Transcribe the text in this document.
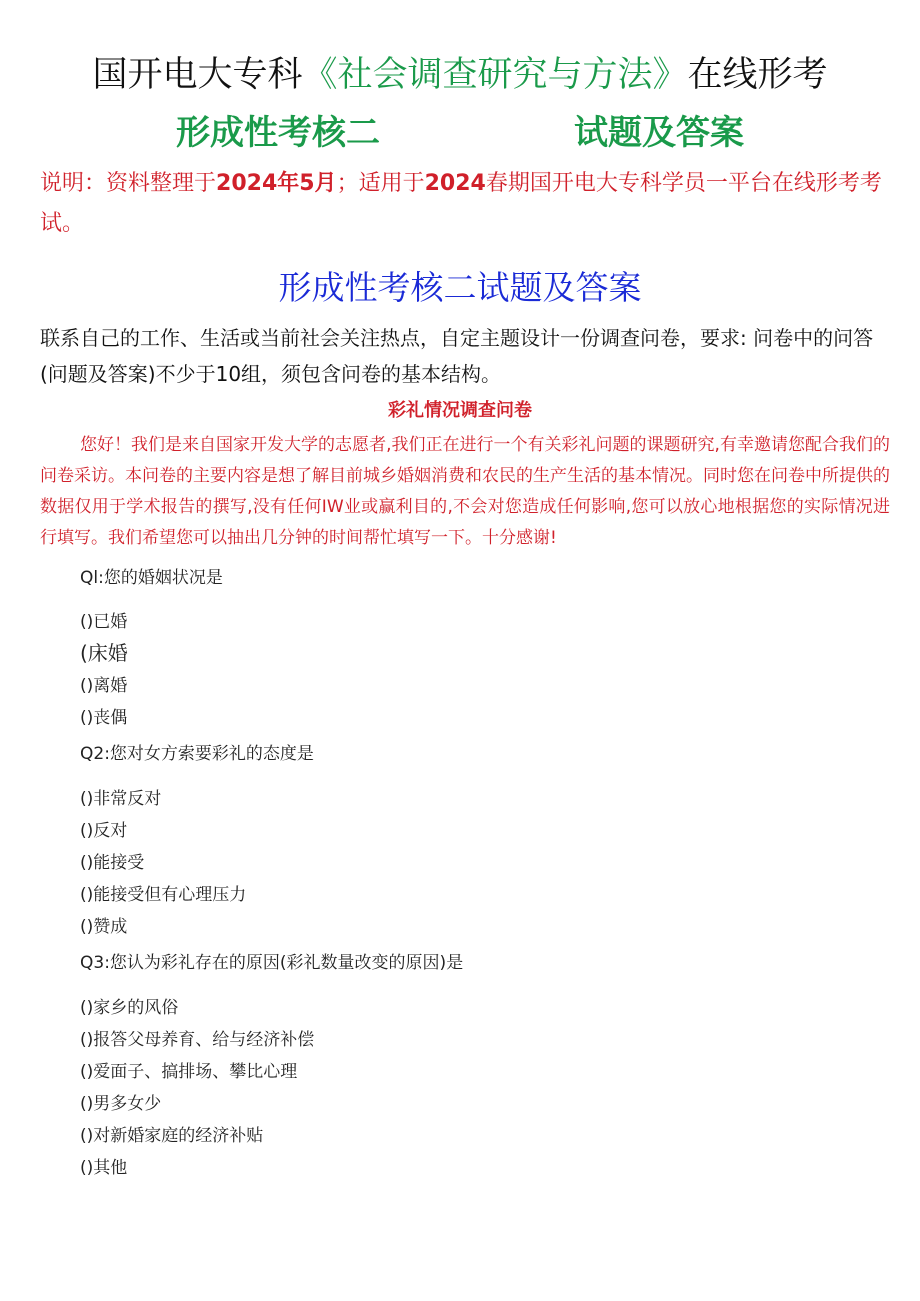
国开电大专科《社会调查研究与方法》在线形考
形成性考核二	试题及答案
说明：资料整理于2024年5月；适用于2024春期国开电大专科学员一平台在线形考考试。
形成性考核二试题及答案
联系自己的工作、生活或当前社会关注热点，自定主题设计一份调查问卷，要求: 问卷中的问答(问题及答案)不少于10组，须包含问卷的基本结构。
彩礼情况调查问卷
您好！我们是来自国家开发大学的志愿者,我们正在进行一个有关彩礼问题的课题研究,有幸邀请您配合我们的问卷采访。本问卷的主要内容是想了解目前城乡婚姻消费和农民的生产生活的基本情况。同时您在问卷中所提供的数据仅用于学术报告的撰写,没有任何IW业或赢利目的,不会对您造成任何影响,您可以放心地根据您的实际情况进行填写。我们希望您可以抽出几分钟的时间帮忙填写一下。十分感谢!
Ql:您的婚姻状况是
()已婚
(床婚
()离婚
()丧偶
Q2:您对女方索要彩礼的态度是
()非常反对
()反对
()能接受
()能接受但有心理压力
()赞成
Q3:您认为彩礼存在的原因(彩礼数量改变的原因)是
()家乡的风俗
()报答父母养育、给与经济补偿
()爱面子、搞排场、攀比心理
()男多女少
()对新婚家庭的经济补贴
()其他
